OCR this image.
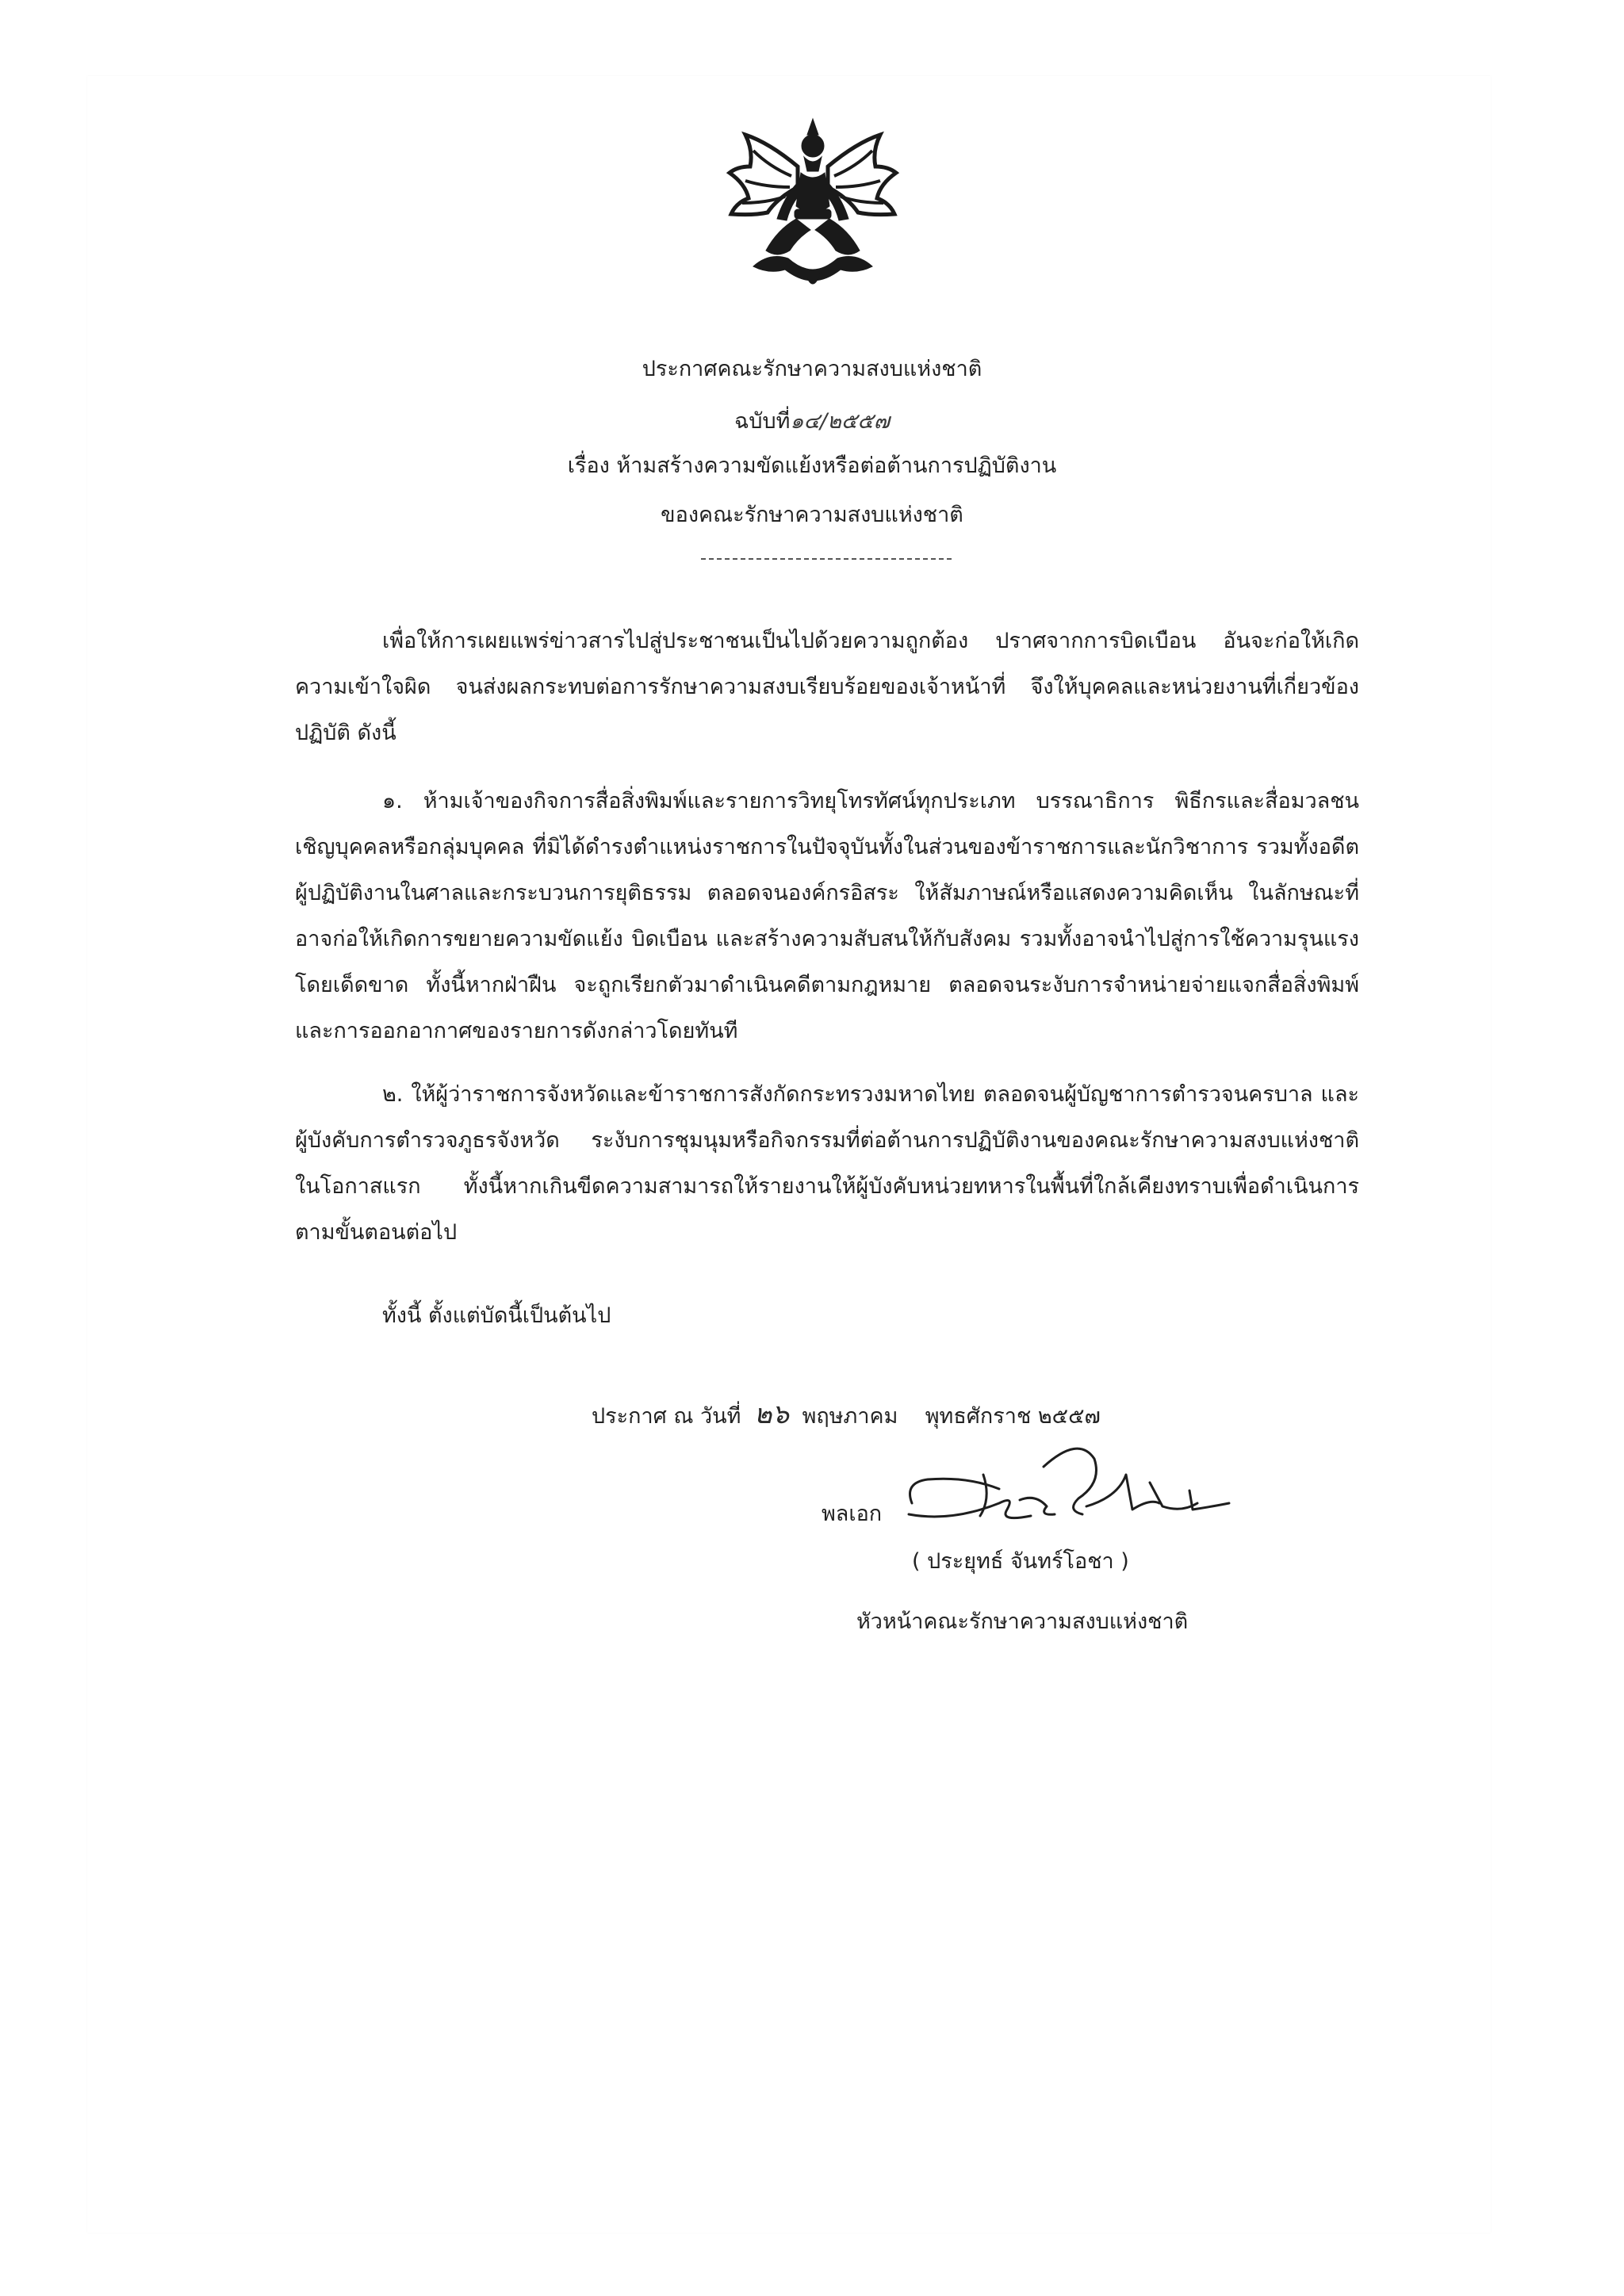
ประกาศคณะรักษาความสงบแห่งชาติ
ฉบับที่๑๔/๒๕๕๗
เรื่อง ห้ามสร้างความขัดแย้งหรือต่อต้านการปฏิบัติงาน
ของคณะรักษาความสงบแห่งชาติ

เพื่อให้การเผยแพร่ข่าวสารไปสู่ประชาชนเป็นไปด้วยความถูกต้อง ปราศจากการบิดเบือน อันจะก่อให้เกิดความเข้าใจผิด จนส่งผลกระทบต่อการรักษาความสงบเรียบร้อยของเจ้าหน้าที่ จึงให้บุคคลและหน่วยงานที่เกี่ยวข้องปฏิบัติ ดังนี้

๑. ห้ามเจ้าของกิจการสื่อสิ่งพิมพ์และรายการวิทยุโทรทัศน์ทุกประเภท บรรณาธิการ พิธีกรและสื่อมวลชน เชิญบุคคลหรือกลุ่มบุคคล ที่มิได้ดำรงตำแหน่งราชการในปัจจุบันทั้งในส่วนของข้าราชการและนักวิชาการ รวมทั้งอดีตผู้ปฏิบัติงานในศาลและกระบวนการยุติธรรม ตลอดจนองค์กรอิสระ ให้สัมภาษณ์หรือแสดงความคิดเห็น ในลักษณะที่อาจก่อให้เกิดการขยายความขัดแย้ง บิดเบือน และสร้างความสับสนให้กับสังคม รวมทั้งอาจนำไปสู่การใช้ความรุนแรงโดยเด็ดขาด ทั้งนี้หากฝ่าฝืน จะถูกเรียกตัวมาดำเนินคดีตามกฎหมาย ตลอดจนระงับการจำหน่ายจ่ายแจกสื่อสิ่งพิมพ์และการออกอากาศของรายการดังกล่าวโดยทันที

๒. ให้ผู้ว่าราชการจังหวัดและข้าราชการสังกัดกระทรวงมหาดไทย ตลอดจนผู้บัญชาการตำรวจนครบาล และผู้บังคับการตำรวจภูธรจังหวัด ระงับการชุมนุมหรือกิจกรรมที่ต่อต้านการปฏิบัติงานของคณะรักษาความสงบแห่งชาติในโอกาสแรก ทั้งนี้หากเกินขีดความสามารถให้รายงานให้ผู้บังคับหน่วยทหารในพื้นที่ใกล้เคียงทราบเพื่อดำเนินการตามขั้นตอนต่อไป

ทั้งนี้ ตั้งแต่บัดนี้เป็นต้นไป
ประกาศ ณ วันที่ ๒๖ พฤษภาคม พุทธศักราช ๒๕๕๗
พลเอก
( ประยุทธ์ จันทร์โอชา )
หัวหน้าคณะรักษาความสงบแห่งชาติ
